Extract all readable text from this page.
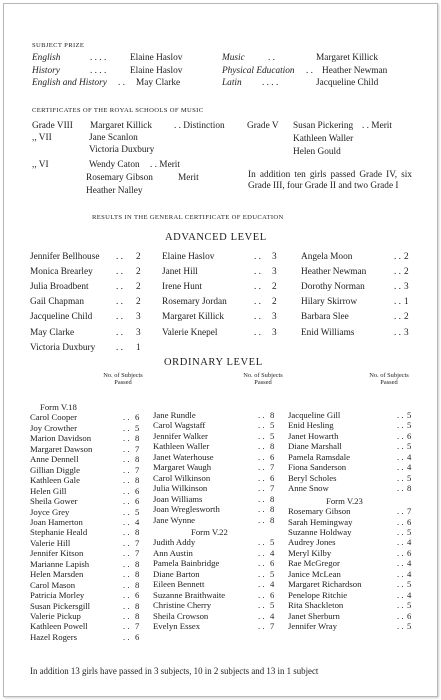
SUBJECT PRIZE
English	. . . .	Elaine Haslov	Music	. .	Margaret Killick
History	. . . .	Elaine Haslov	Physical Education . . Heather Newman
English and History . . May Clarke	Latin . . . .	Jacqueline Child
CERTIFICATES OF THE ROYAL SCHOOLS OF MUSIC
Grade VIII Margaret Killick . . Distinction
,, VII	Jane Scanlon
Victoria Duxbury
,, VI	Wendy Caton . . Merit
Rosemary Gibson	Merit
Heather Nalley
Grade V Susan Pickering . . Merit
Kathleen Waller
Helen Gould
In addition ten girls passed Grade IV, six Grade III, four Grade II and two Grade I
RESULTS IN THE GENERAL CERTIFICATE OF EDUCATION
ADVANCED LEVEL
Jennifer Bellhouse . . 2
Monica Brearley	. . 2
Julia Broadbent	. . 2
Gail Chapman	. . 2
Jacqueline Child	. . 3
May Clarke	. . 3
Victoria Duxbury . . 1
Elaine Haslov	. . 3
Janet Hill	. . 3
Irene Hunt	. . 2
Rosemary Jordan	. . 2
Margaret Killick	. . 3
Valerie Knepel	. . 3
Angela Moon	. . 2
Heather Newman	. . 2
Dorothy Norman	. . 3
Hilary Skirrow	. . 1
Barbara Slee	. . 2
Enid Williams	. . 3
ORDINARY LEVEL
No. of Subjects Passed
No. of Subjects Passed
No. of Subjects Passed
Form V.18
Carol Cooper	. . 6
Joy Crowther	. . 5
Marion Davidson	. . 8
Margaret Dawson	. . 7
Anne Dennell	. . 8
Gillian Diggle	. . 7
Kathleen Gale	. . 8
Helen Gill	. . 6
Sheila Gower	. . 6
Joyce Grey	. . 5
Joan Hamerton	. . 4
Stephanie Heald	. . 8
Valerie Hill	. . 7
Jennifer Kitson	. . 7
Marianne Lapish	. . 8
Helen Marsden	. . 8
Carol Mason	. . 8
Patricia Morley	. . 6
Susan Pickersgill	. . 8
Valerie Pickup	. . 8
Kathleen Powell	. . 7
Hazel Rogers	. . 6
Jane Rundle	. . 8
Carol Wagstaff	. . 5
Jennifer Walker	. . 5
Kathleen Waller	. . 8
Janet Waterhouse	. . 6
Margaret Waugh	. . 7
Carol Wilkinson	. . 6
Julia Wilkinson	. . 7
Joan Williams	. . 8
Joan Wreglesworth	. . 8
Jane Wynne	. . 8
Form V.22
Judith Addy	. . 5
Ann Austin	. . 4
Pamela Bainbridge	. . 6
Diane Barton	. . 5
Eileen Bennett	. . 4
Suzanne Braithwaite	. . 6
Christine Cherry	. . 5
Sheila Crowson	. . 4
Evelyn Essex	. . 7
Jacqueline Gill	. . 5
Enid Hesling	. . 5
Janet Howarth	. . 6
Diane Marshall	. . 5
Pamela Ramsdale	. . 4
Fiona Sanderson	. . 4
Beryl Scholes	. . 5
Anne Snow	. . 8
Form V.23
Rosemary Gibson	. . 7
Sarah Hemingway	. . 6
Suzanne Holdway	. . 5
Audrey Jones	. . 4
Meryl Kilby	. . 6
Rae McGregor	. . 4
Janice McLean	. . 4
Margaret Richardson	. . 5
Penelope Ritchie	. . 4
Rita Shackleton	. . 5
Janet Sherburn	. . 6
Jennifer Wray	. . 5
In addition 13 girls have passed in 3 subjects, 10 in 2 subjects and 13 in 1 subject
